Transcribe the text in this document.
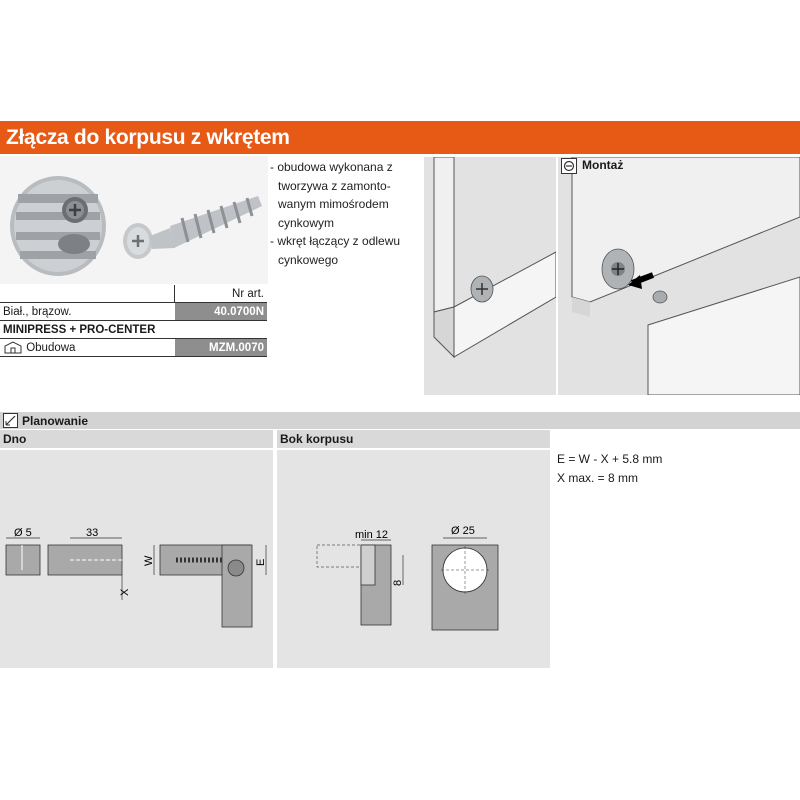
Złącza do korpusu z wkrętem
- obudowa wykonana z
tworzywa z zamonto-
wanym mimośrodem
cynkowym
- wkręt łączący z odlewu
cynkowego
	Nr art.
Biał., brązow.	40.0700N
MINIPRESS + PRO-CENTER	
Obudowa	MZM.0070
Montaż
Planowanie
Dno	Bok korpusu
Ø 5	33
X
W	E
min 12
8
Ø 25
E = W - X + 5.8 mm
X max. = 8 mm
